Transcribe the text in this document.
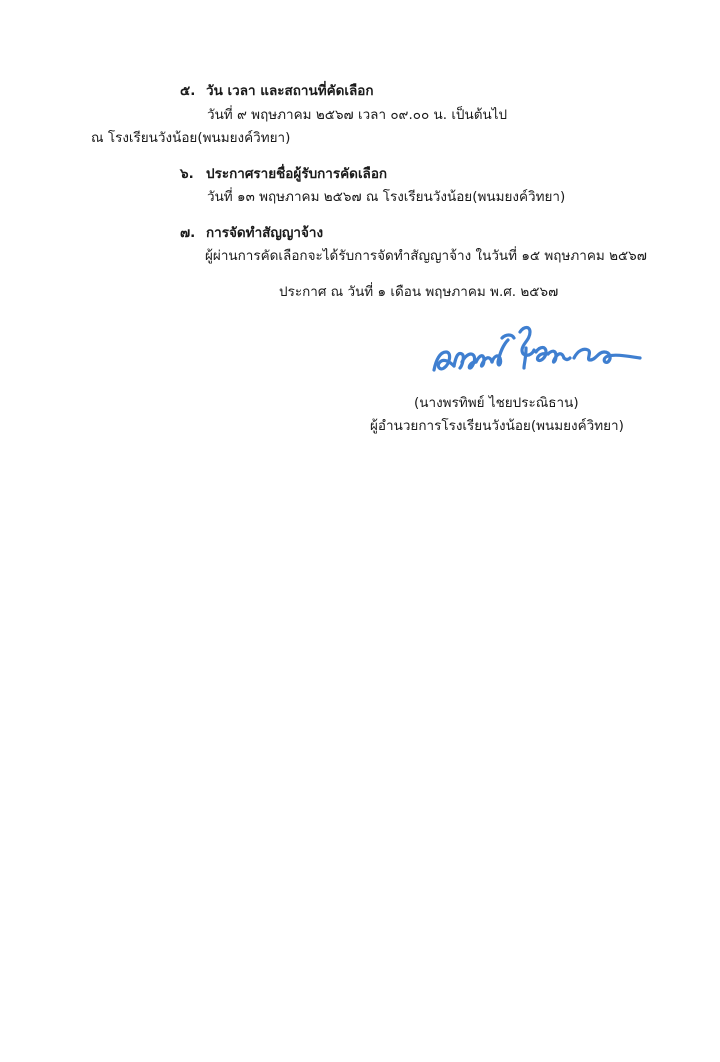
๕. วัน เวลา และสถานที่คัดเลือก
วันที่ ๙ พฤษภาคม ๒๕๖๗ เวลา ๐๙.๐๐ น. เป็นต้นไป
ณ โรงเรียนวังน้อย(พนมยงค์วิทยา)
๖. ประกาศรายชื่อผู้รับการคัดเลือก
วันที่ ๑๓ พฤษภาคม ๒๕๖๗ ณ โรงเรียนวังน้อย(พนมยงค์วิทยา)
๗. การจัดทำสัญญาจ้าง
ผู้ผ่านการคัดเลือกจะได้รับการจัดทำสัญญาจ้าง ในวันที่ ๑๕ พฤษภาคม ๒๕๖๗
ประกาศ ณ วันที่ ๑ เดือน พฤษภาคม พ.ศ. ๒๕๖๗
(นางพรทิพย์ ไชยประณิธาน)
ผู้อำนวยการโรงเรียนวังน้อย(พนมยงค์วิทยา)
